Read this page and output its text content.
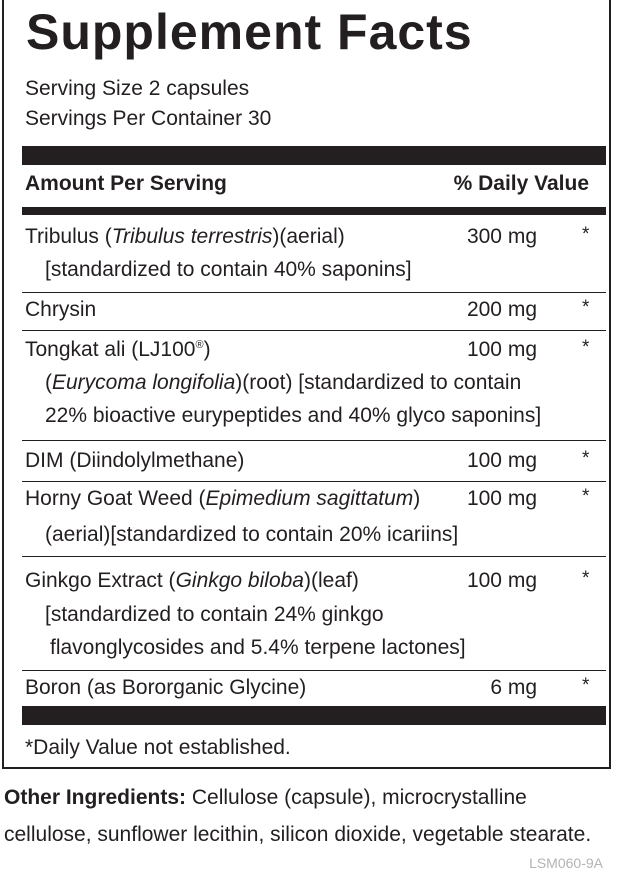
Supplement Facts
Serving Size 2 capsules
Servings Per Container 30
Amount Per Serving	% Daily Value
Tribulus (Tribulus terrestris)(aerial)	300 mg *
[standardized to contain 40% saponins]
Chrysin	200 mg *
Tongkat ali (LJ100®)	100 mg *
(Eurycoma longifolia)(root) [standardized to contain
22% bioactive eurypeptides and 40% glyco saponins]
DIM (Diindolylmethane)	100 mg *
Horny Goat Weed (Epimedium sagittatum) 100 mg *
(aerial)[standardized to contain 20% icariins]
Ginkgo Extract (Ginkgo biloba)(leaf)	100 mg *
[standardized to contain 24% ginkgo
flavonglycosides and 5.4% terpene lactones]
Boron (as Bororganic Glycine)	6 mg *
*Daily Value not established.
Other Ingredients: Cellulose (capsule), microcrystalline
cellulose, sunflower lecithin, silicon dioxide, vegetable stearate.
LSM060-9A
